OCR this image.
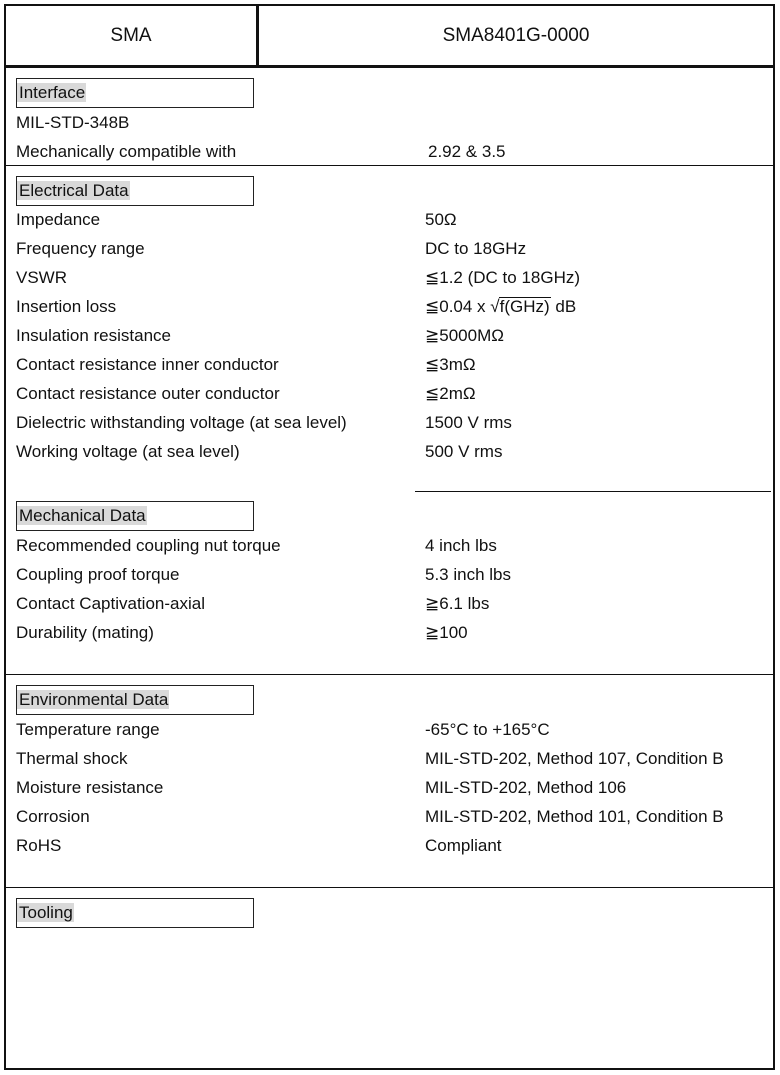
SMA	SMA8401G-0000
Interface
MIL-STD-348B
Mechanically compatible with	2.92 & 3.5
Electrical Data
Impedance	50Ω
Frequency range	DC to 18GHz
VSWR	≦1.2 (DC to 18GHz)
Insertion loss	≦0.04 x √f(GHz) dB
Insulation resistance	≧5000MΩ
Contact resistance inner conductor	≦3mΩ
Contact resistance outer conductor	≦2mΩ
Dielectric withstanding voltage (at sea level)	1500 V rms
Working voltage (at sea level)	500 V rms
Mechanical Data
Recommended coupling nut torque	4 inch lbs
Coupling proof torque	5.3 inch lbs
Contact Captivation-axial	≧6.1 lbs
Durability (mating)	≧100
Environmental Data
Temperature range	-65°C to +165°C
Thermal shock	MIL-STD-202, Method 107, Condition B
Moisture resistance	MIL-STD-202, Method 106
Corrosion	MIL-STD-202, Method 101, Condition B
RoHS	Compliant
Tooling
